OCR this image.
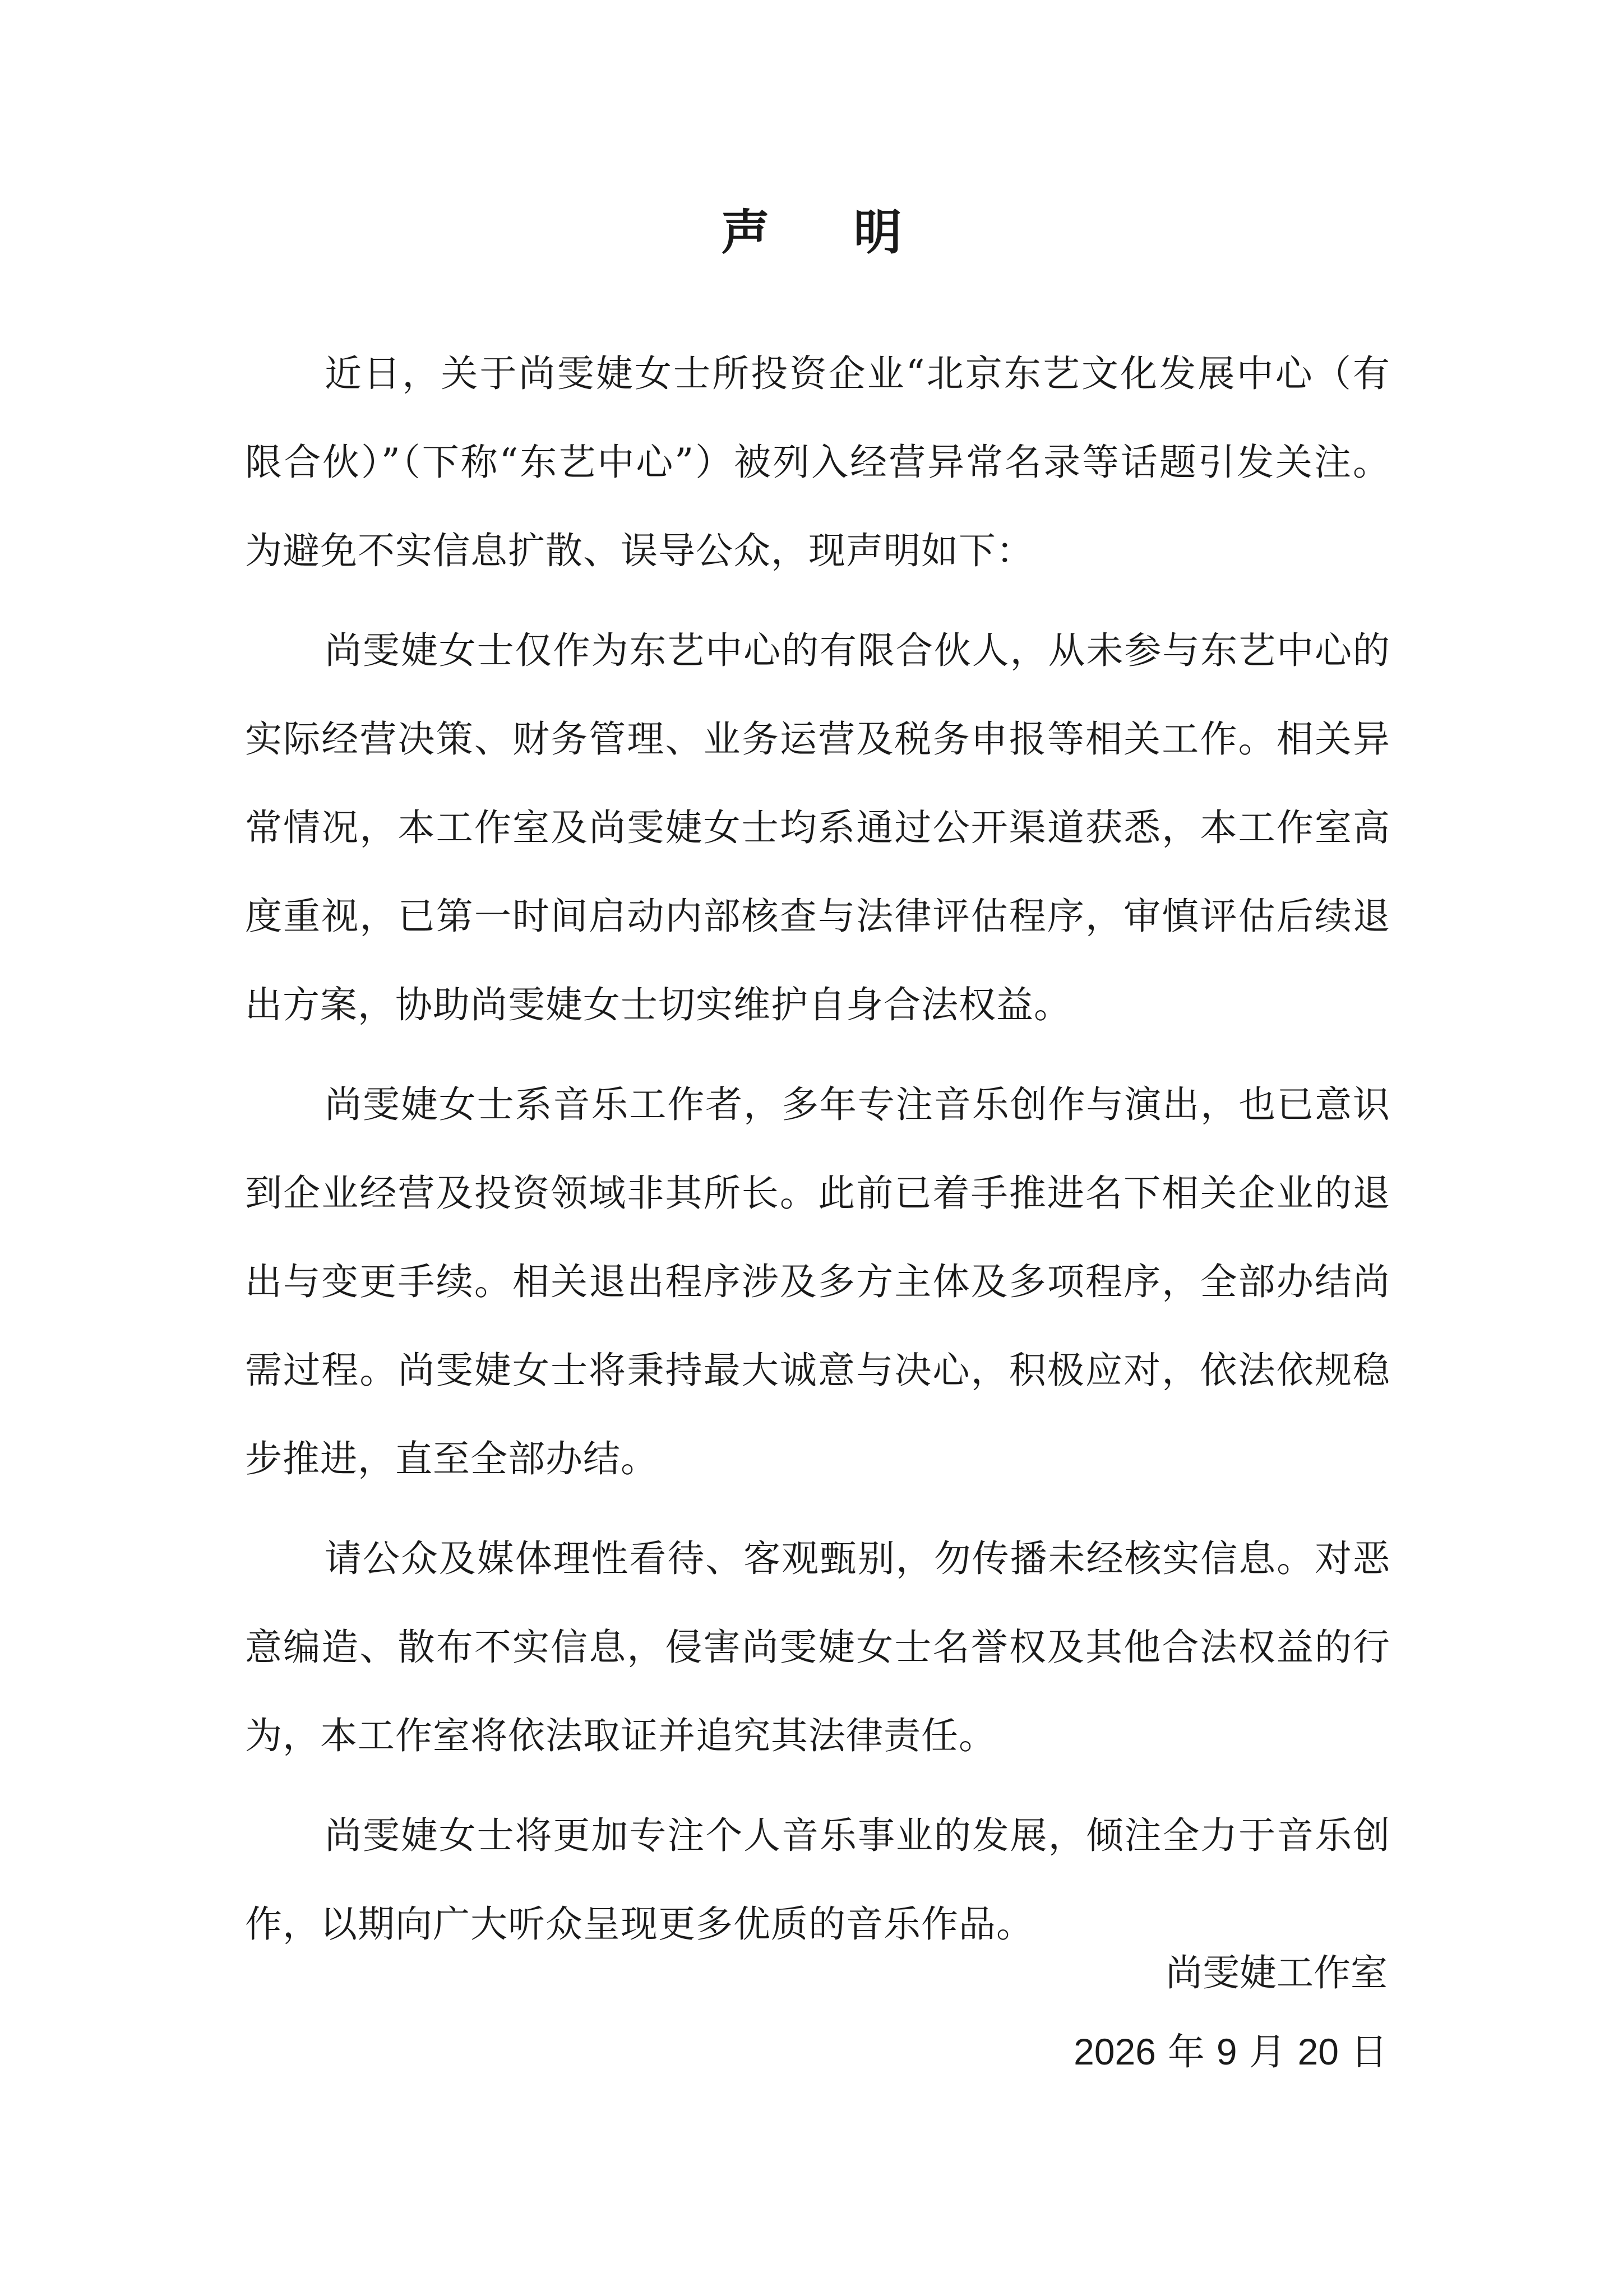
声 明

近日，关于尚雯婕女士所投资企业“北京东艺文化发展中心（有限合伙）”（下称“东艺中心”）被列入经营异常名录等话题引发关注。为避免不实信息扩散、误导公众，现声明如下：

尚雯婕女士仅作为东艺中心的有限合伙人，从未参与东艺中心的实际经营决策、财务管理、业务运营及税务申报等相关工作。相关异常情况，本工作室及尚雯婕女士均系通过公开渠道获悉，本工作室高度重视，已第一时间启动内部核查与法律评估程序，审慎评估后续退出方案，协助尚雯婕女士切实维护自身合法权益。

尚雯婕女士系音乐工作者，多年专注音乐创作与演出，也已意识到企业经营及投资领域非其所长。此前已着手推进名下相关企业的退出与变更手续。相关退出程序涉及多方主体及多项程序，全部办结尚需过程。尚雯婕女士将秉持最大诚意与决心，积极应对，依法依规稳步推进，直至全部办结。

请公众及媒体理性看待、客观甄别，勿传播未经核实信息。对恶意编造、散布不实信息，侵害尚雯婕女士名誉权及其他合法权益的行为，本工作室将依法取证并追究其法律责任。

尚雯婕女士将更加专注个人音乐事业的发展，倾注全力于音乐创作，以期向广大听众呈现更多优质的音乐作品。

尚雯婕工作室
2026 年 9 月 20 日
